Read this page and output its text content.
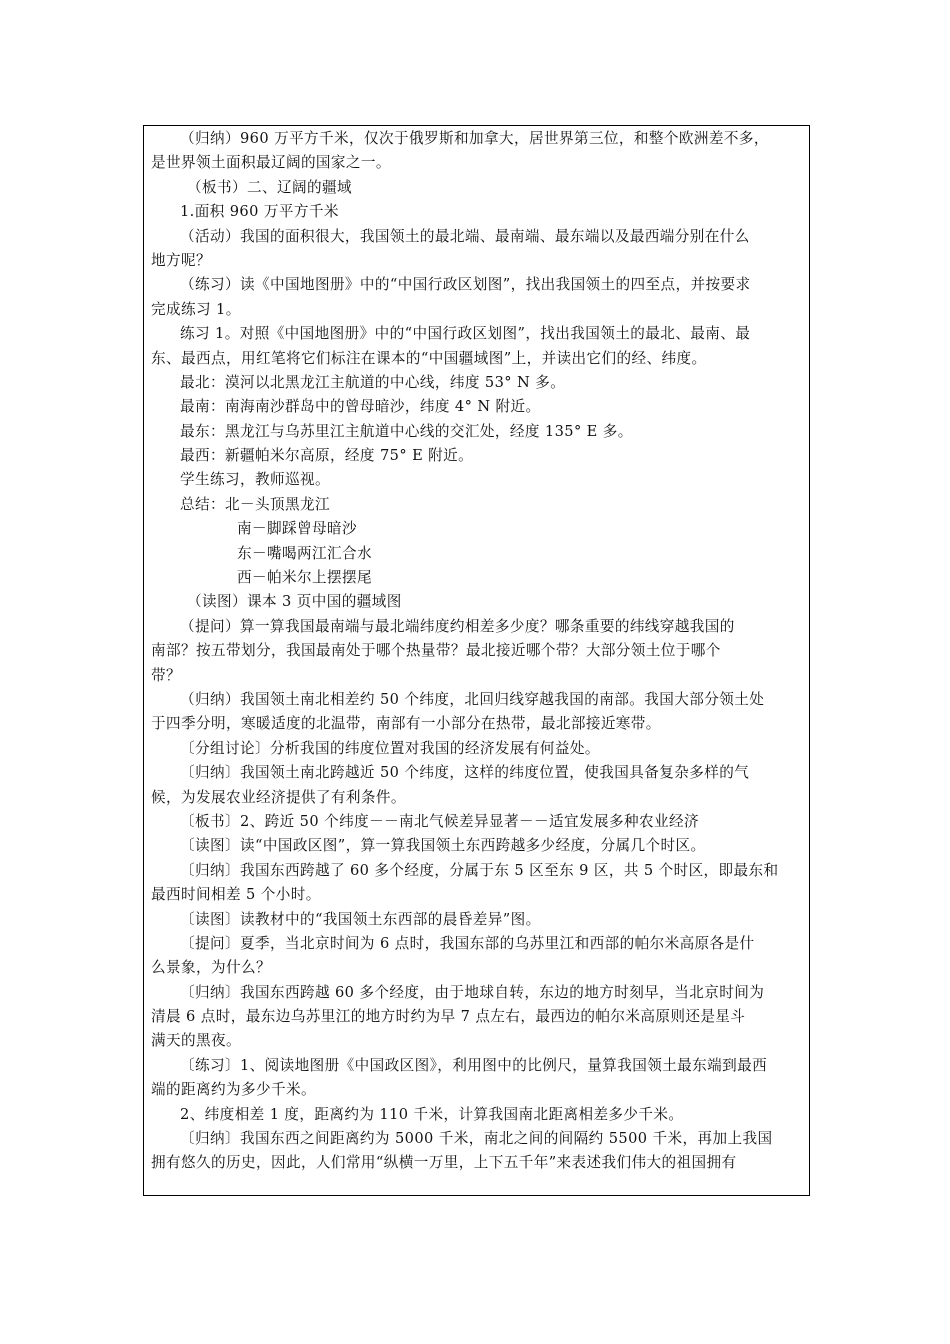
（归纳）960 万平方千米，仅次于俄罗斯和加拿大，居世界第三位，和整个欧洲差不多，
是世界领土面积最辽阔的国家之一。
（板书）二、辽阔的疆域
1.面积 960 万平方千米
（活动）我国的面积很大，我国领土的最北端、最南端、最东端以及最西端分别在什么
地方呢？
（练习）读《中国地图册》中的“中国行政区划图”，找出我国领土的四至点，并按要求
完成练习 1。
练习 1。对照《中国地图册》中的“中国行政区划图”，找出我国领土的最北、最南、最
东、最西点，用红笔将它们标注在课本的“中国疆域图”上，并读出它们的经、纬度。
最北：漠河以北黑龙江主航道的中心线，纬度 53° N 多。
最南：南海南沙群岛中的曾母暗沙，纬度 4° N 附近。
最东：黑龙江与乌苏里江主航道中心线的交汇处，经度 135° E 多。
最西：新疆帕米尔高原，经度 75° E 附近。
学生练习，教师巡视。
总结：北－头顶黑龙江
南－脚踩曾母暗沙
东－嘴喝两江汇合水
西－帕米尔上摆摆尾
（读图）课本 3 页中国的疆域图
（提问）算一算我国最南端与最北端纬度约相差多少度？哪条重要的纬线穿越我国的
南部？按五带划分，我国最南处于哪个热量带？最北接近哪个带？大部分领土位于哪个
带？
（归纳）我国领土南北相差约 50 个纬度，北回归线穿越我国的南部。我国大部分领土处
于四季分明，寒暖适度的北温带，南部有一小部分在热带，最北部接近寒带。
〔分组讨论〕分析我国的纬度位置对我国的经济发展有何益处。
〔归纳〕我国领土南北跨越近 50 个纬度，这样的纬度位置，使我国具备复杂多样的气
候，为发展农业经济提供了有利条件。
〔板书〕2、跨近 50 个纬度－－南北气候差异显著－－适宜发展多种农业经济
〔读图〕读“中国政区图”，算一算我国领土东西跨越多少经度，分属几个时区。
〔归纳〕我国东西跨越了 60 多个经度，分属于东 5 区至东 9 区，共 5 个时区，即最东和
最西时间相差 5 个小时。
〔读图〕读教材中的“我国领土东西部的晨昏差异”图。
〔提问〕夏季，当北京时间为 6 点时，我国东部的乌苏里江和西部的帕尔米高原各是什
么景象，为什么？
〔归纳〕我国东西跨越 60 多个经度，由于地球自转，东边的地方时刻早，当北京时间为
清晨 6 点时，最东边乌苏里江的地方时约为早 7 点左右，最西边的帕尔米高原则还是星斗
满天的黑夜。
〔练习〕1、阅读地图册《中国政区图》，利用图中的比例尺，量算我国领土最东端到最西
端的距离约为多少千米。
2、纬度相差 1 度，距离约为 110 千米，计算我国南北距离相差多少千米。
〔归纳〕我国东西之间距离约为 5000 千米，南北之间的间隔约 5500 千米，再加上我国
拥有悠久的历史，因此，人们常用“纵横一万里，上下五千年”来表述我们伟大的祖国拥有
